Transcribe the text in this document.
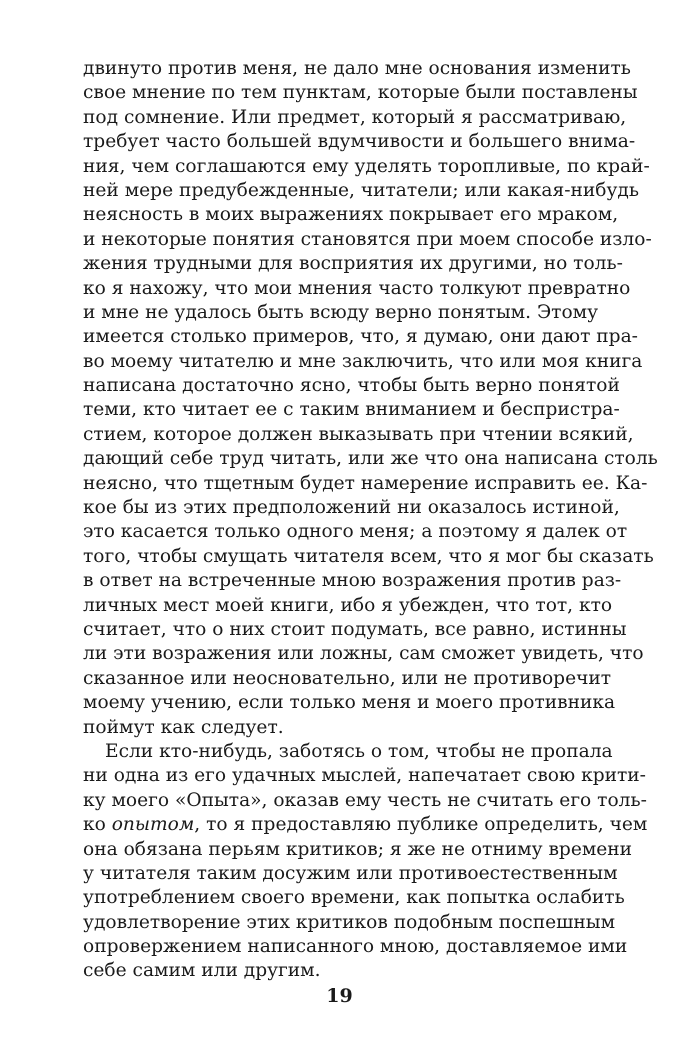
двинуто против меня, не дало мне основания изменить
свое мнение по тем пунктам, которые были поставлены
под сомнение. Или предмет, который я рассматриваю,
требует часто большей вдумчивости и большего внима-
ния, чем соглашаются ему уделять торопливые, по край-
ней мере предубежденные, читатели; или какая-нибудь
неясность в моих выражениях покрывает его мраком,
и некоторые понятия становятся при моем способе изло-
жения трудными для восприятия их другими, но толь-
ко я нахожу, что мои мнения часто толкуют превратно
и мне не удалось быть всюду верно понятым. Этому
имеется столько примеров, что, я думаю, они дают пра-
во моему читателю и мне заключить, что или моя книга
написана достаточно ясно, чтобы быть верно понятой
теми, кто читает ее с таким вниманием и беспристра-
стием, которое должен выказывать при чтении всякий,
дающий себе труд читать, или же что она написана столь
неясно, что тщетным будет намерение исправить ее. Ка-
кое бы из этих предположений ни оказалось истиной,
это касается только одного меня; а поэтому я далек от
того, чтобы смущать читателя всем, что я мог бы сказать
в ответ на встреченные мною возражения против раз-
личных мест моей книги, ибо я убежден, что тот, кто
считает, что о них стоит подумать, все равно, истинны
ли эти возражения или ложны, сам сможет увидеть, что
сказанное или неосновательно, или не противоречит
моему учению, если только меня и моего противника
поймут как следует.
Если кто-нибудь, заботясь о том, чтобы не пропала
ни одна из его удачных мыслей, напечатает свою крити-
ку моего «Опыта», оказав ему честь не считать его толь-
ко опытом, то я предоставляю публике определить, чем
она обязана перьям критиков; я же не отниму времени
у читателя таким досужим или противоестественным
употреблением своего времени, как попытка ослабить
удовлетворение этих критиков подобным поспешным
опровержением написанного мною, доставляемое ими
себе самим или другим.
19
